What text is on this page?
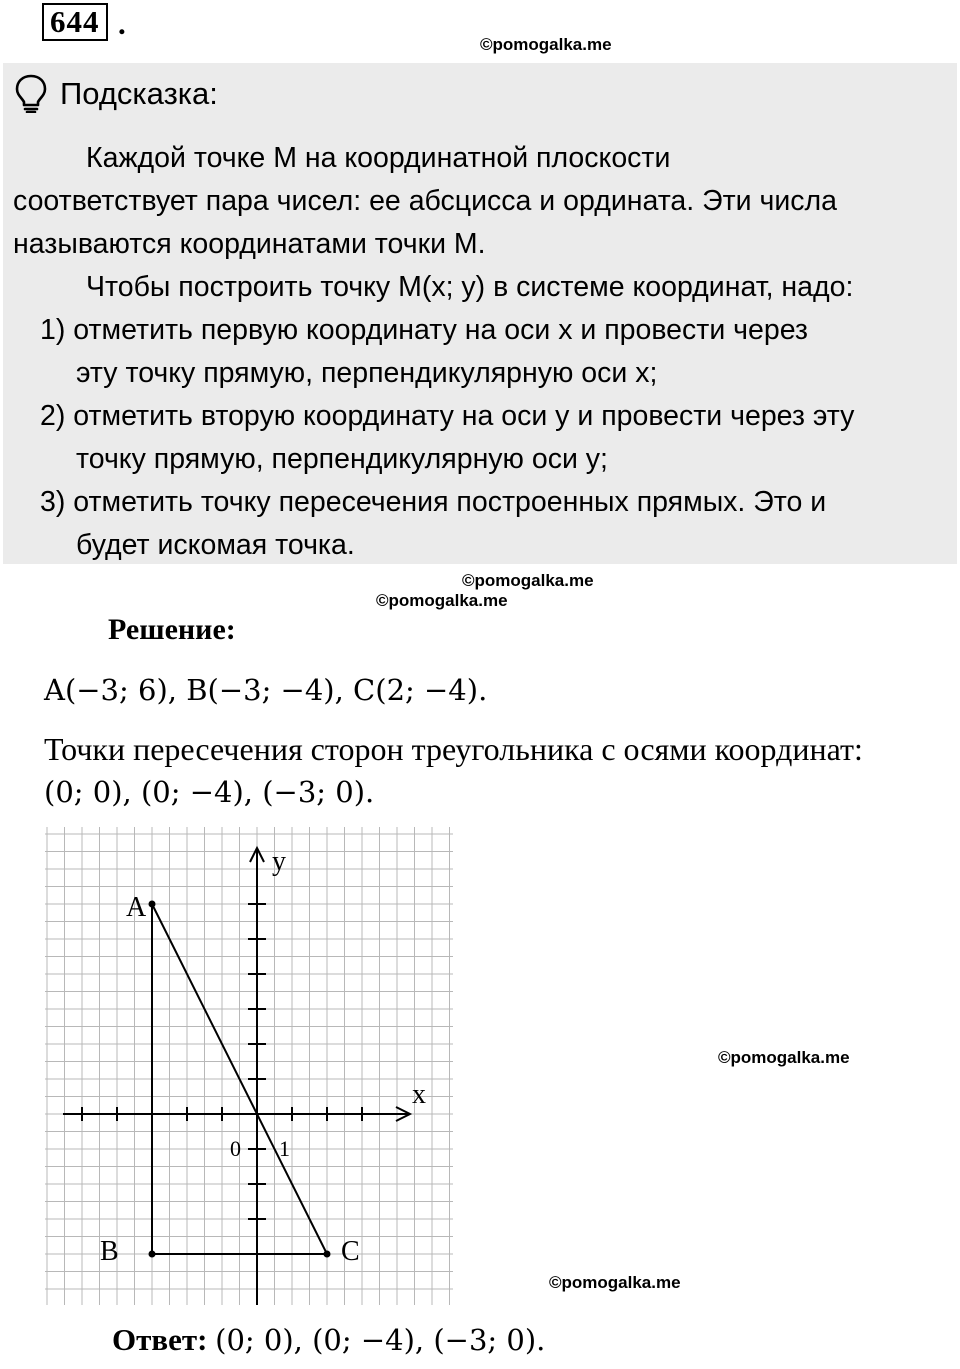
644 .
©pomogalka.me
Подсказка:
Каждой точке М на координатной плоскости
соответствует пара чисел: ее абсцисса и ордината. Эти числа
называются координатами точки М.
Чтобы построить точку М(x; y) в системе координат, надо:
1) отметить первую координату на оси x и провести через
эту точку прямую, перпендикулярную оси x;
2) отметить вторую координату на оси y и провести через эту
точку прямую, перпендикулярную оси y;
3) отметить точку пересечения построенных прямых. Это и
будет искомая точка.
©pomogalka.me
©pomogalka.me
Решение:
A(−3; 6), B(−3; −4), C(2; −4).
Точки пересечения сторон треугольника с осями координат:
(0; 0), (0; −4), (−3; 0).
A
B	C
x
y
0 1
©pomogalka.me
©pomogalka.me
Ответ: (0; 0), (0; −4), (−3; 0).
